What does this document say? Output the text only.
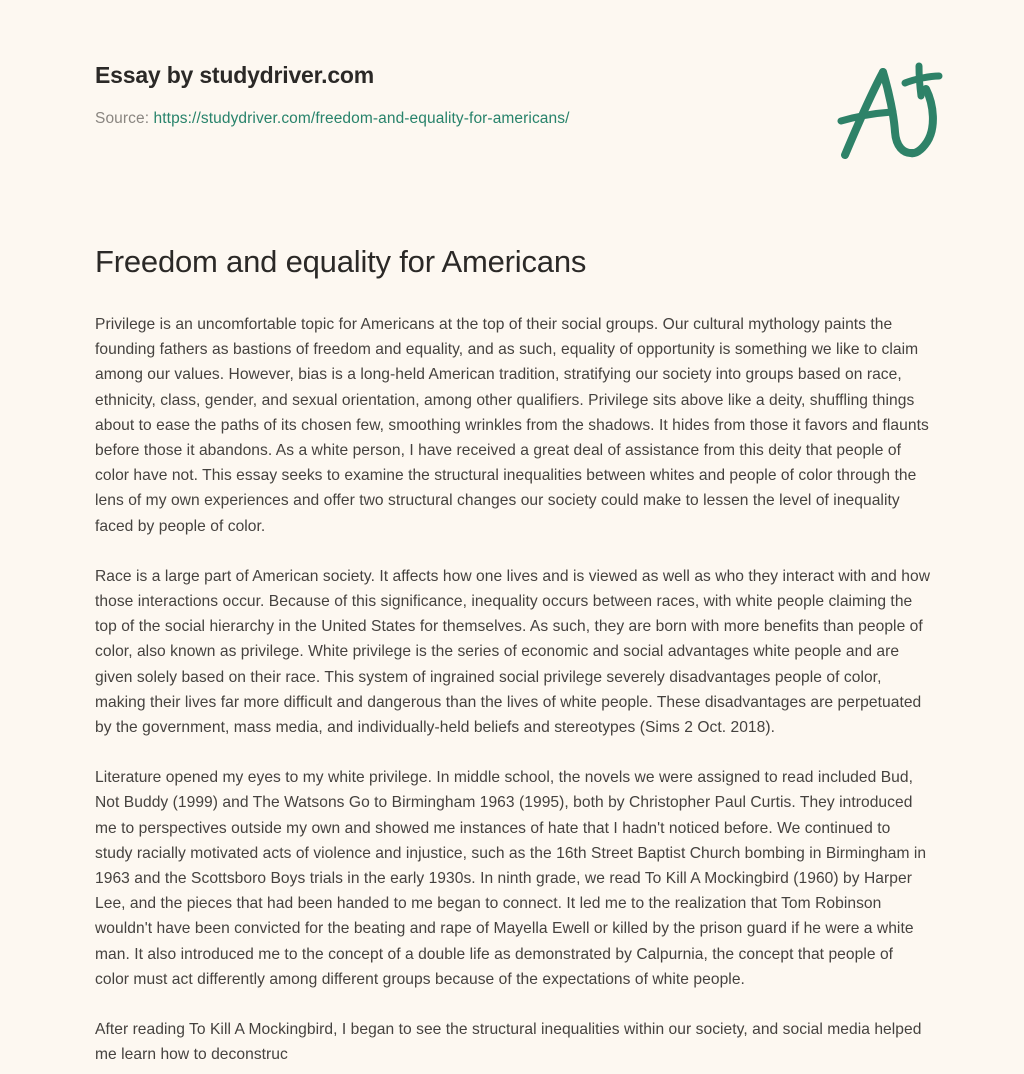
Essay by studydriver.com
Source: https://studydriver.com/freedom-and-equality-for-americans/
Freedom and equality for Americans

Privilege is an uncomfortable topic for Americans at the top of their social groups. Our cultural mythology paints the founding fathers as bastions of freedom and equality, and as such, equality of opportunity is something we like to claim among our values. However, bias is a long-held American tradition, stratifying our society into groups based on race, ethnicity, class, gender, and sexual orientation, among other qualifiers. Privilege sits above like a deity, shuffling things about to ease the paths of its chosen few, smoothing wrinkles from the shadows. It hides from those it favors and flaunts before those it abandons. As a white person, I have received a great deal of assistance from this deity that people of color have not. This essay seeks to examine the structural inequalities between whites and people of color through the lens of my own experiences and offer two structural changes our society could make to lessen the level of inequality faced by people of color.

Race is a large part of American society. It affects how one lives and is viewed as well as who they interact with and how those interactions occur. Because of this significance, inequality occurs between races, with white people claiming the top of the social hierarchy in the United States for themselves. As such, they are born with more benefits than people of color, also known as privilege. White privilege is the series of economic and social advantages white people and are given solely based on their race. This system of ingrained social privilege severely disadvantages people of color, making their lives far more difficult and dangerous than the lives of white people. These disadvantages are perpetuated by the government, mass media, and individually-held beliefs and stereotypes (Sims 2 Oct. 2018).

Literature opened my eyes to my white privilege. In middle school, the novels we were assigned to read included Bud, Not Buddy (1999) and The Watsons Go to Birmingham 1963 (1995), both by Christopher Paul Curtis. They introduced me to perspectives outside my own and showed me instances of hate that I hadn't noticed before. We continued to study racially motivated acts of violence and injustice, such as the 16th Street Baptist Church bombing in Birmingham in 1963 and the Scottsboro Boys trials in the early 1930s. In ninth grade, we read To Kill A Mockingbird (1960) by Harper Lee, and the pieces that had been handed to me began to connect. It led me to the realization that Tom Robinson wouldn't have been convicted for the beating and rape of Mayella Ewell or killed by the prison guard if he were a white man. It also introduced me to the concept of a double life as demonstrated by Calpurnia, the concept that people of color must act differently among different groups because of the expectations of white people.

After reading To Kill A Mockingbird, I began to see the structural inequalities within our society, and social media helped me learn how to deconstruc
